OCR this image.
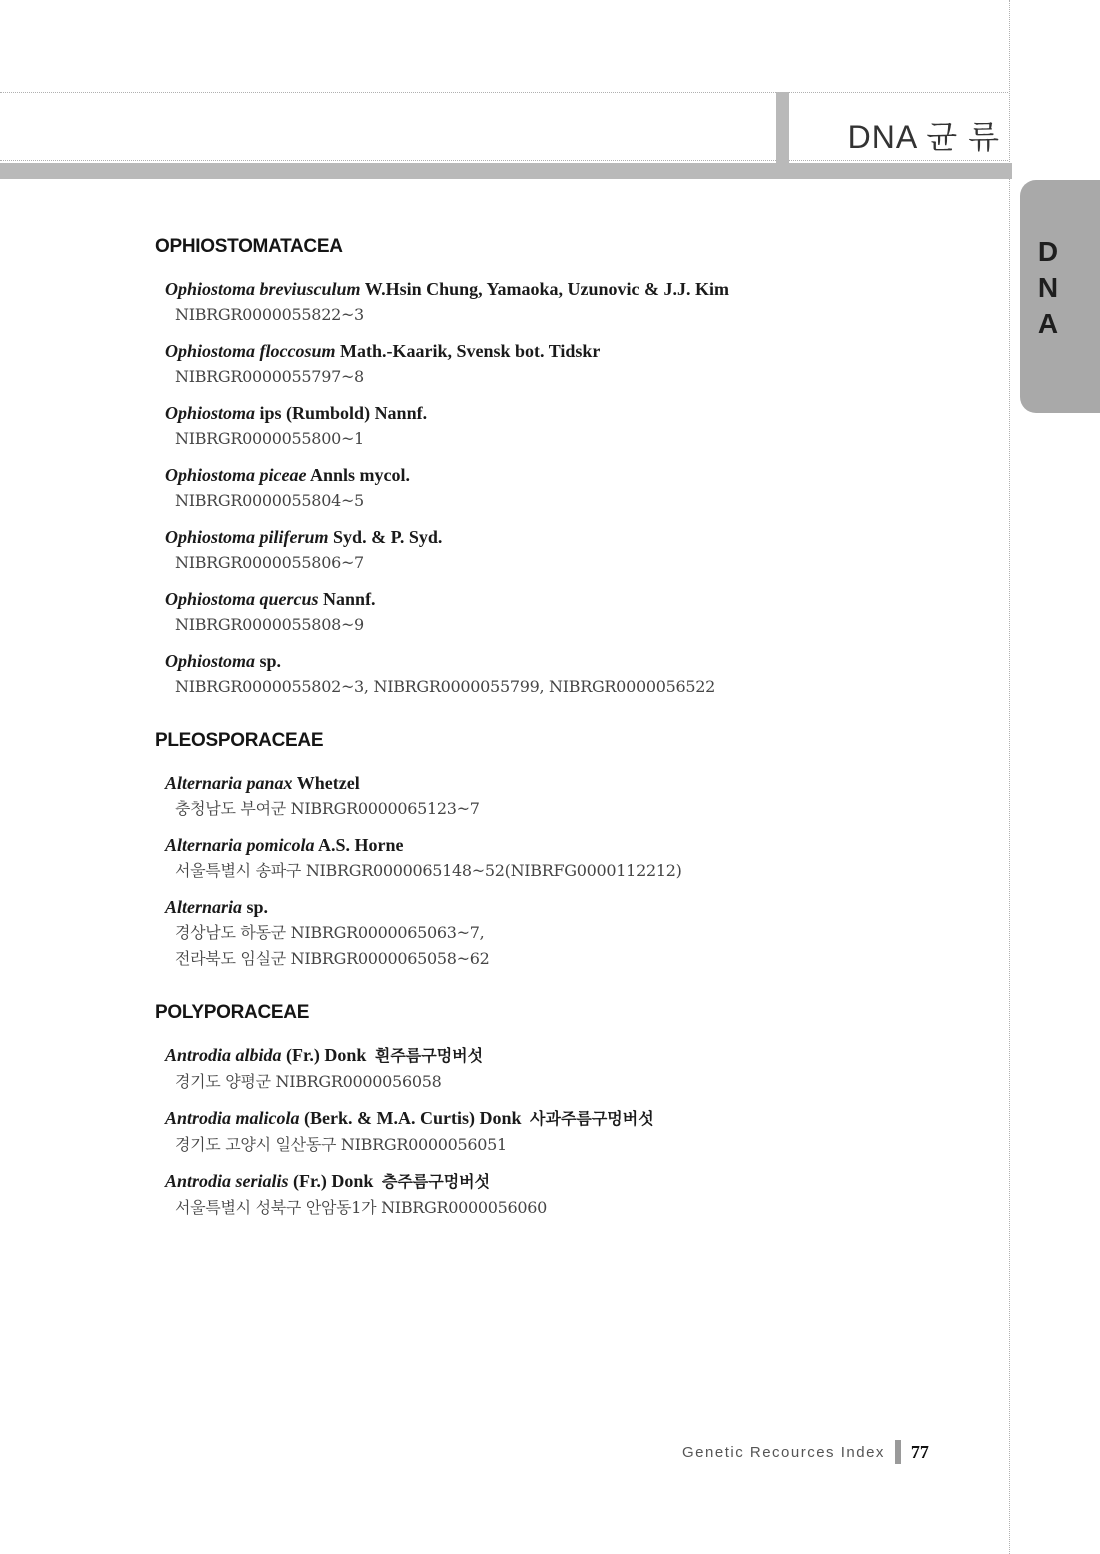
DNA 균 류
D
N
A
OPHIOSTOMATACEA
Ophiostoma breviusculum W.Hsin Chung, Yamaoka, Uzunovic & J.J. Kim
NIBRGR0000055822~3
Ophiostoma floccosum Math.-Kaarik, Svensk bot. Tidskr
NIBRGR0000055797~8
Ophiostoma ips (Rumbold) Nannf.
NIBRGR0000055800~1
Ophiostoma piceae Annls mycol.
NIBRGR0000055804~5
Ophiostoma piliferum Syd. & P. Syd.
NIBRGR0000055806~7
Ophiostoma quercus Nannf.
NIBRGR0000055808~9
Ophiostoma sp.
NIBRGR0000055802~3, NIBRGR0000055799, NIBRGR0000056522
PLEOSPORACEAE
Alternaria panax Whetzel
충청남도 부여군 NIBRGR0000065123~7
Alternaria pomicola A.S. Horne
서울특별시 송파구 NIBRGR0000065148~52(NIBRFG0000112212)
Alternaria sp.
경상남도 하동군 NIBRGR0000065063~7,
전라북도 임실군 NIBRGR0000065058~62
POLYPORACEAE
Antrodia albida (Fr.) Donk 흰주름구멍버섯
경기도 양평군 NIBRGR0000056058
Antrodia malicola (Berk. & M.A. Curtis) Donk 사과주름구멍버섯
경기도 고양시 일산동구 NIBRGR0000056051
Antrodia serialis (Fr.) Donk 층주름구멍버섯
서울특별시 성북구 안암동1가 NIBRGR0000056060
Genetic Recources Index 77
